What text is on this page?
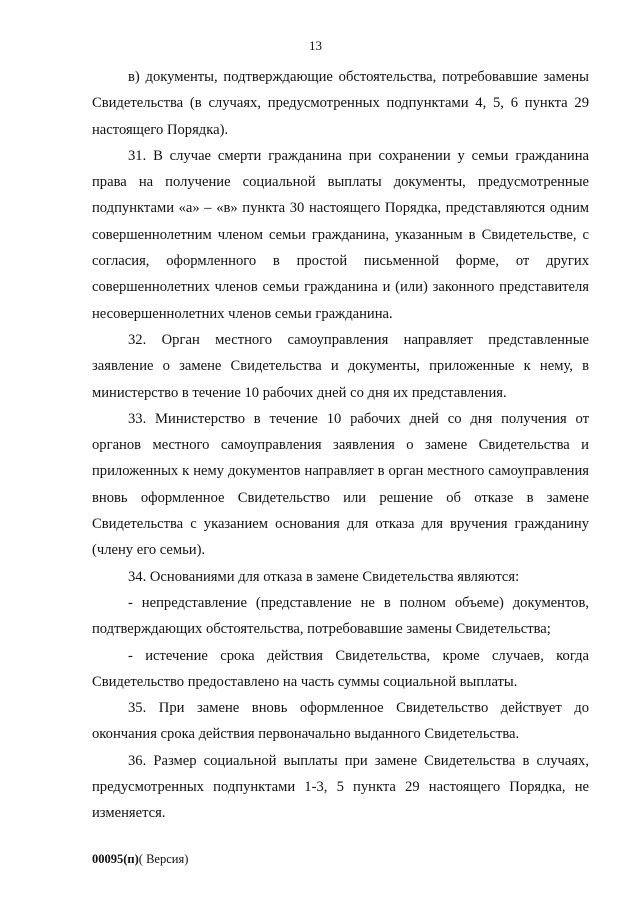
13

в) документы, подтверждающие обстоятельства, потребовавшие замены Свидетельства (в случаях, предусмотренных подпунктами 4, 5, 6 пункта 29 настоящего Порядка).

31. В случае смерти гражданина при сохранении у семьи гражданина права на получение социальной выплаты документы, предусмотренные подпунктами «а» – «в» пункта 30 настоящего Порядка, представляются одним совершеннолетним членом семьи гражданина, указанным в Свидетельстве, с согласия, оформленного в простой письменной форме, от других совершеннолетних членов семьи гражданина и (или) законного представителя несовершеннолетних членов семьи гражданина.

32. Орган местного самоуправления направляет представленные заявление о замене Свидетельства и документы, приложенные к нему, в министерство в течение 10 рабочих дней со дня их представления.

33. Министерство в течение 10 рабочих дней со дня получения от органов местного самоуправления заявления о замене Свидетельства и приложенных к нему документов направляет в орган местного самоуправления вновь оформленное Свидетельство или решение об отказе в замене Свидетельства с указанием основания для отказа для вручения гражданину (члену его семьи).

34. Основаниями для отказа в замене Свидетельства являются:

- непредставление (представление не в полном объеме) документов, подтверждающих обстоятельства, потребовавшие замены Свидетельства;

- истечение срока действия Свидетельства, кроме случаев, когда Свидетельство предоставлено на часть суммы социальной выплаты.

35. При замене вновь оформленное Свидетельство действует до окончания срока действия первоначально выданного Свидетельства.

36. Размер социальной выплаты при замене Свидетельства в случаях, предусмотренных подпунктами 1-3, 5 пункта 29 настоящего Порядка, не изменяется.

00095(п)( Версия)
